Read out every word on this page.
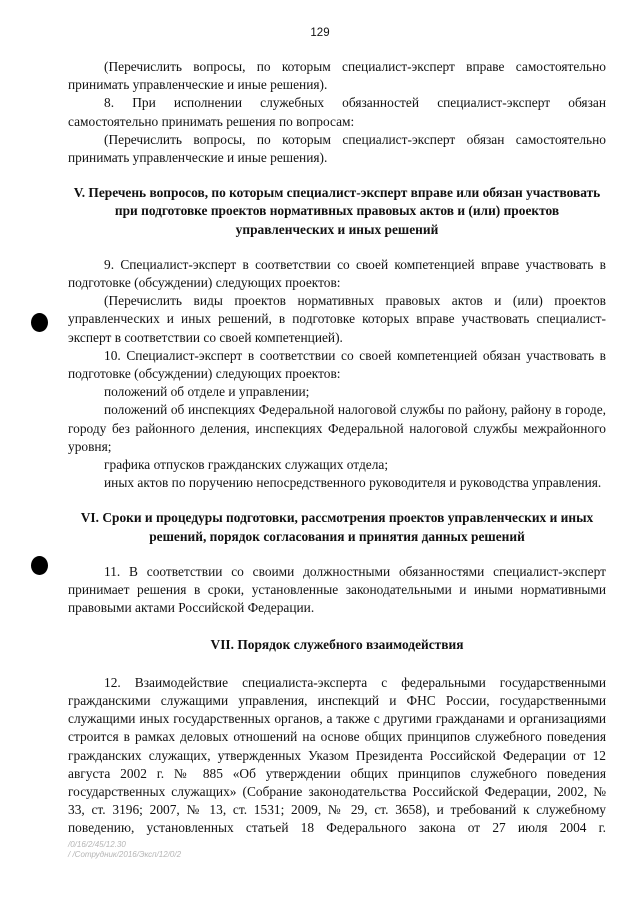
129

(Перечислить вопросы, по которым специалист-эксперт вправе самостоятельно принимать управленческие и иные решения).

8. При исполнении служебных обязанностей специалист-эксперт обязан самостоятельно принимать решения по вопросам:

(Перечислить вопросы, по которым специалист-эксперт обязан самостоятельно принимать управленческие и иные решения).

V. Перечень вопросов, по которым специалист-эксперт вправе или обязан участвовать при подготовке проектов нормативных правовых актов и (или) проектов управленческих и иных решений

9. Специалист-эксперт в соответствии со своей компетенцией вправе участвовать в подготовке (обсуждении) следующих проектов:

(Перечислить виды проектов нормативных правовых актов и (или) проектов управленческих и иных решений, в подготовке которых вправе участвовать специалист-эксперт в соответствии со своей компетенцией).

10. Специалист-эксперт в соответствии со своей компетенцией обязан участвовать в подготовке (обсуждении) следующих проектов:

положений об отделе и управлении;

положений об инспекциях Федеральной налоговой службы по району, району в городе, городу без районного деления, инспекциях Федеральной налоговой службы межрайонного уровня;

графика отпусков гражданских служащих отдела;

иных актов по поручению непосредственного руководителя и руководства управления.

VI. Сроки и процедуры подготовки, рассмотрения проектов управленческих и иных решений, порядок согласования и принятия данных решений

11. В соответствии со своими должностными обязанностями специалист-эксперт принимает решения в сроки, установленные законодательными и иными нормативными правовыми актами Российской Федерации.

VII. Порядок служебного взаимодействия

12. Взаимодействие специалиста-эксперта с федеральными государственными гражданскими служащими управления, инспекций и ФНС России, государственными служащими иных государственных органов, а также с другими гражданами и организациями строится в рамках деловых отношений на основе общих принципов служебного поведения гражданских служащих, утвержденных Указом Президента Российской Федерации от 12 августа 2002 г. № 885 «Об утверждении общих принципов служебного поведения государственных служащих» (Собрание законодательства Российской Федерации, 2002, № 33, ст. 3196; 2007, № 13, ст. 1531; 2009, № 29, ст. 3658), и требований к служебному поведению, установленных статьей 18 Федерального закона от 27 июля 2004 г.

/0/16/2/45/12.30
/ /Сотрудник/2016/Эксп/12/0/2
